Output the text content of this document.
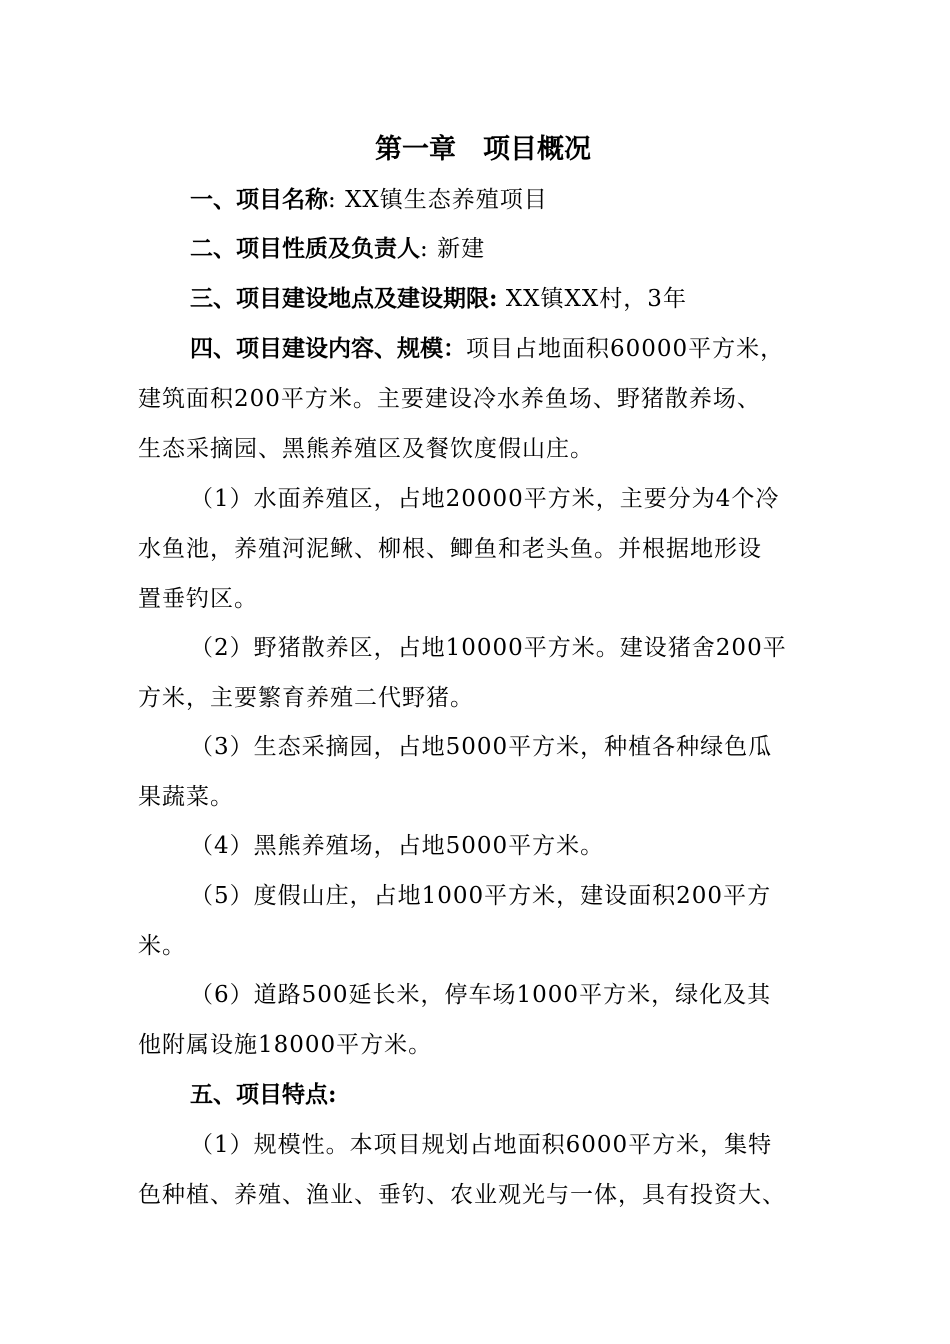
第一章 项目概况

一、项目名称: XX镇生态养殖项目

二、项目性质及负责人: 新建

三、项目建设地点及建设期限: XX镇XX村，3年

四、项目建设内容、规模：项目占地面积60000平方米，
建筑面积200平方米。主要建设冷水养鱼场、野猪散养场、
生态采摘园、黑熊养殖区及餐饮度假山庄。
（1）水面养殖区，占地20000平方米，主要分为4个冷
水鱼池，养殖河泥鳅、柳根、鲫鱼和老头鱼。并根据地形设
置垂钓区。
（2）野猪散养区，占地10000平方米。建设猪舍200平
方米，主要繁育养殖二代野猪。
（3）生态采摘园，占地5000平方米，种植各种绿色瓜
果蔬菜。
（4）黑熊养殖场，占地5000平方米。
（5）度假山庄，占地1000平方米，建设面积200平方
米。
（6）道路500延长米，停车场1000平方米，绿化及其
他附属设施18000平方米。

五、项目特点:

（1）规模性。本项目规划占地面积6000平方米，集特
色种植、养殖、渔业、垂钓、农业观光与一体，具有投资大、
